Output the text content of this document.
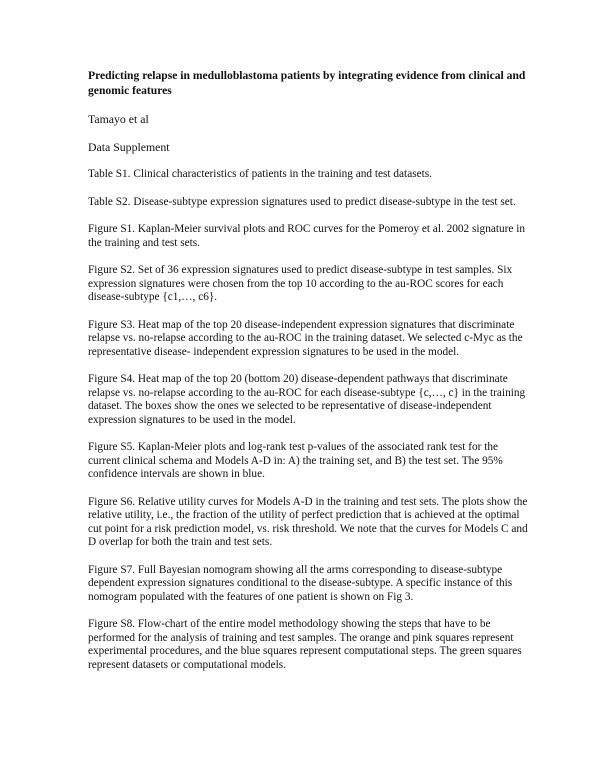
Predicting relapse in medulloblastoma patients by integrating evidence from clinical and genomic features

Tamayo et al

Data Supplement

Table S1. Clinical characteristics of patients in the training and test datasets.

Table S2. Disease-subtype expression signatures used to predict disease-subtype in the test set.

Figure S1. Kaplan-Meier survival plots and ROC curves for the Pomeroy et al. 2002 signature in the training and test sets.

Figure S2. Set of 36 expression signatures used to predict disease-subtype in test samples. Six expression signatures were chosen from the top 10 according to the au-ROC scores for each disease-subtype {c1,…, c6}.

Figure S3. Heat map of the top 20 disease-independent expression signatures that discriminate relapse vs. no-relapse according to the au-ROC in the training dataset. We selected c-Myc as the representative disease- independent expression signatures to be used in the model.

Figure S4. Heat map of the top 20 (bottom 20) disease-dependent pathways that discriminate relapse vs. no-relapse according to the au-ROC for each disease-subtype {c,…, c} in the training dataset. The boxes show the ones we selected to be representative of disease-independent expression signatures to be used in the model.

Figure S5. Kaplan-Meier plots and log-rank test p-values of the associated rank test for the current clinical schema and Models A-D in: A) the training set, and B) the test set. The 95% confidence intervals are shown in blue.

Figure S6. Relative utility curves for Models A-D in the training and test sets. The plots show the relative utility, i.e., the fraction of the utility of perfect prediction that is achieved at the optimal cut point for a risk prediction model, vs. risk threshold. We note that the curves for Models C and D overlap for both the train and test sets.

Figure S7. Full Bayesian nomogram showing all the arms corresponding to disease-subtype dependent expression signatures conditional to the disease-subtype. A specific instance of this nomogram populated with the features of one patient is shown on Fig 3.

Figure S8. Flow-chart of the entire model methodology showing the steps that have to be performed for the analysis of training and test samples. The orange and pink squares represent experimental procedures, and the blue squares represent computational steps. The green squares represent datasets or computational models.
